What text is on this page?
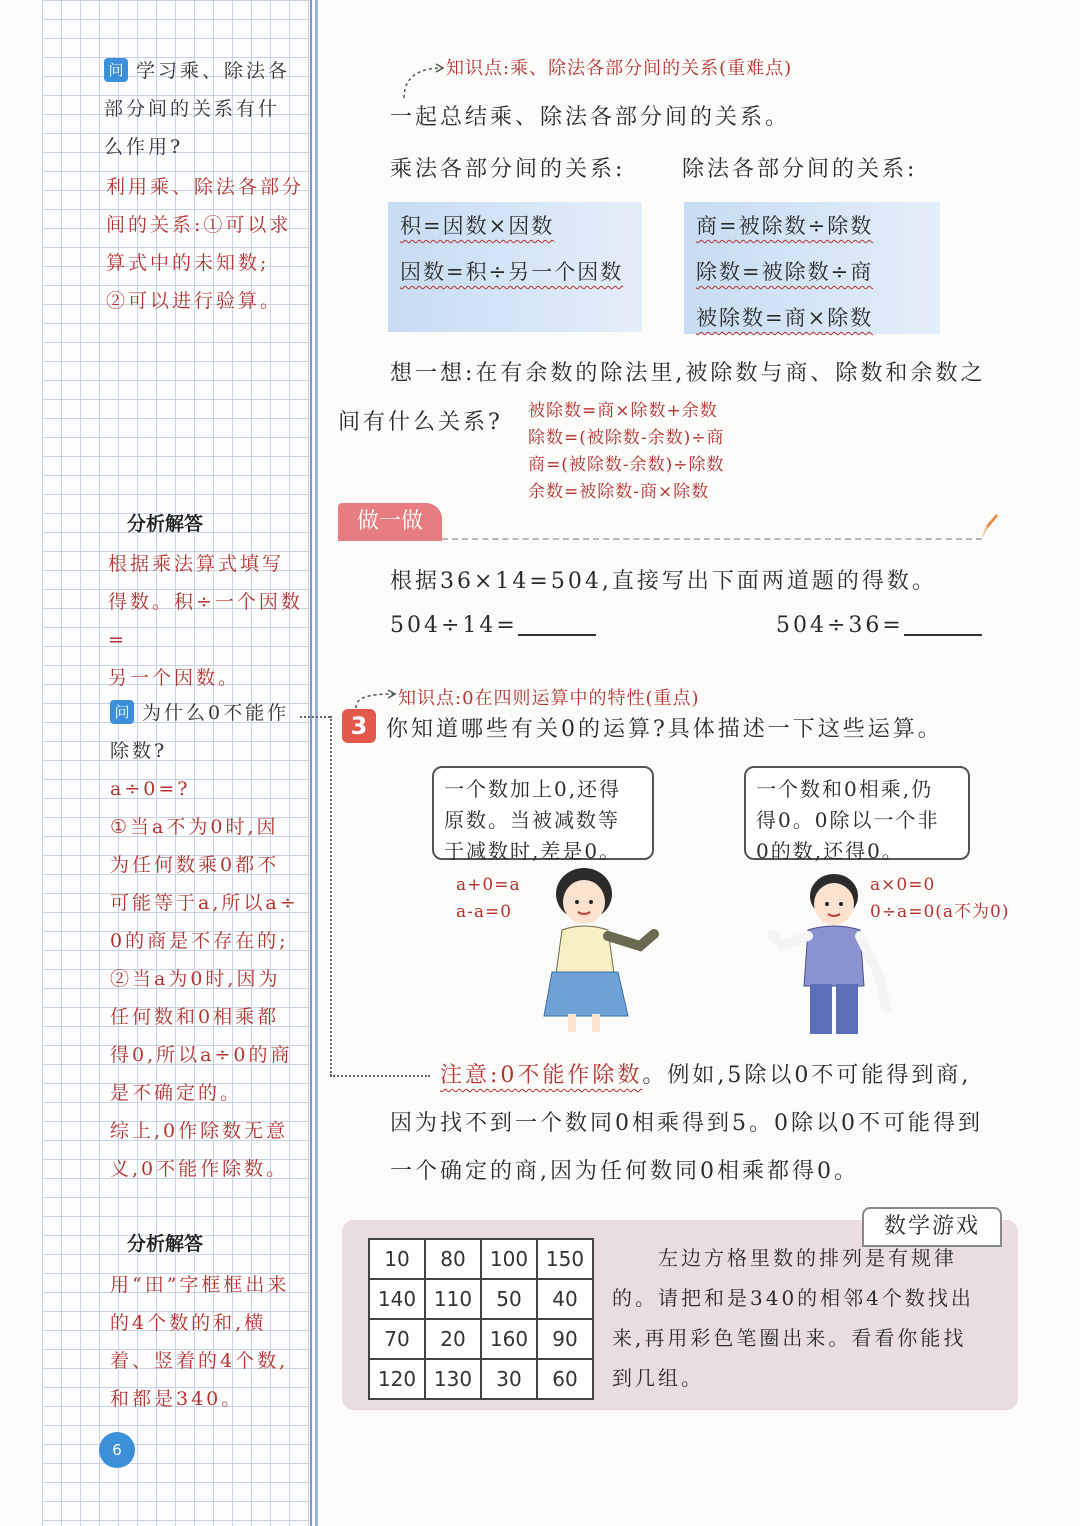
问 学习乘、除法各
部分间的关系有什
么作用?
利用乘、除法各部分
间的关系:①可以求
算式中的未知数;
②可以进行验算。
分析解答
根据乘法算式填写
得数。积÷一个因数=
另一个因数。
问 为什么0不能作
除数?
a÷0=?
①当a不为0时,因
为任何数乘0都不
可能等于a,所以a÷
0的商是不存在的;
②当a为0时,因为
任何数和0相乘都
得0,所以a÷0的商
是不确定的。
综上,0作除数无意
义,0不能作除数。
分析解答
用“田”字框框出来
的4个数的和,横
着、竖着的4个数,
和都是340。
6
知识点:乘、除法各部分间的关系(重难点)
一起总结乘、除法各部分间的关系。
乘法各部分间的关系:	除法各部分间的关系:
积=因数×因数
因数=积÷另一个因数
商=被除数÷除数
除数=被除数÷商
被除数=商×除数
想一想:在有余数的除法里,被除数与商、除数和余数之
间有什么关系? 被除数=商×除数+余数
除数=(被除数-余数)÷商
商=(被除数-余数)÷除数
余数=被除数-商×除数
做一做
根据36×14=504,直接写出下面两道题的得数。
504÷14=	504÷36=
知识点:0在四则运算中的特性(重点)
3 你知道哪些有关0的运算?具体描述一下这些运算。
一个数加上0,还得
原数。当被减数等
于减数时,差是0。
一个数和0相乘,仍
得0。0除以一个非
0的数,还得0。
a+0=a
a-a=0
a×0=0
0÷a=0(a不为0)
注意:0不能作除数。例如,5除以0不可能得到商,
因为找不到一个数同0相乘得到5。0除以0不可能得到
一个确定的商,因为任何数同0相乘都得0。
数学游戏
10	80	100	150
140	110	50	40
70	20	160	90
120	130	30	60
左边方格里数的排列是有规律
的。请把和是340的相邻4个数找出
来,再用彩色笔圈出来。看看你能找
到几组。
